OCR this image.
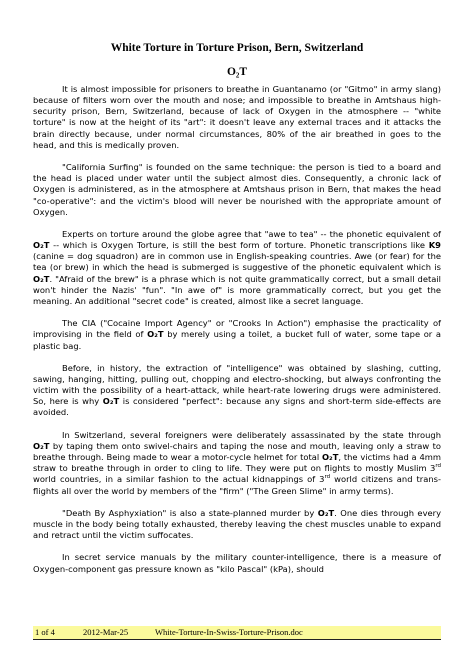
White Torture in Torture Prison, Bern, Switzerland
O₂T

It is almost impossible for prisoners to breathe in Guantanamo (or "Gitmo" in army slang) because of filters worn over the mouth and nose; and impossible to breathe in Amtshaus high-security prison, Bern, Switzerland, because of lack of Oxygen in the atmosphere -- "white torture" is now at the height of its "art": it doesn't leave any external traces and it attacks the brain directly because, under normal circumstances, 80% of the air breathed in goes to the head, and this is medically proven.

"California Surfing" is founded on the same technique: the person is tied to a board and the head is placed under water until the subject almost dies. Consequently, a chronic lack of Oxygen is administered, as in the atmosphere at Amtshaus prison in Bern, that makes the head "co-operative": and the victim's blood will never be nourished with the appropriate amount of Oxygen.

Experts on torture around the globe agree that "awe to tea" -- the phonetic equivalent of O₂T -- which is Oxygen Torture, is still the best form of torture. Phonetic transcriptions like K9 (canine = dog squadron) are in common use in English-speaking countries. Awe (or fear) for the tea (or brew) in which the head is submerged is suggestive of the phonetic equivalent which is O₂T. "Afraid of the brew" is a phrase which is not quite grammatically correct, but a small detail won't hinder the Nazis' "fun". "In awe of" is more grammatically correct, but you get the meaning. An additional "secret code" is created, almost like a secret language.

The CIA ("Cocaine Import Agency" or "Crooks In Action") emphasise the practicality of improvising in the field of O₂T by merely using a toilet, a bucket full of water, some tape or a plastic bag.

Before, in history, the extraction of "intelligence" was obtained by slashing, cutting, sawing, hanging, hitting, pulling out, chopping and electro-shocking, but always confronting the victim with the possibility of a heart-attack, while heart-rate lowering drugs were administered. So, here is why O₂T is considered "perfect": because any signs and short-term side-effects are avoided.

In Switzerland, several foreigners were deliberately assassinated by the state through O₂T by taping them onto swivel-chairs and taping the nose and mouth, leaving only a straw to breathe through. Being made to wear a motor-cycle helmet for total O₂T, the victims had a 4mm straw to breathe through in order to cling to life. They were put on flights to mostly Muslim 3rd world countries, in a similar fashion to the actual kidnappings of 3rd world citizens and trans-flights all over the world by members of the "firm" ("The Green Slime" in army terms).

"Death By Asphyxiation" is also a state-planned murder by O₂T. One dies through every muscle in the body being totally exhausted, thereby leaving the chest muscles unable to expand and retract until the victim suffocates.

In secret service manuals by the military counter-intelligence, there is a measure of Oxygen-component gas pressure known as "kilo Pascal" (kPa), should

1 of 4	2012-Mar-25	White-Torture-In-Swiss-Torture-Prison.doc
